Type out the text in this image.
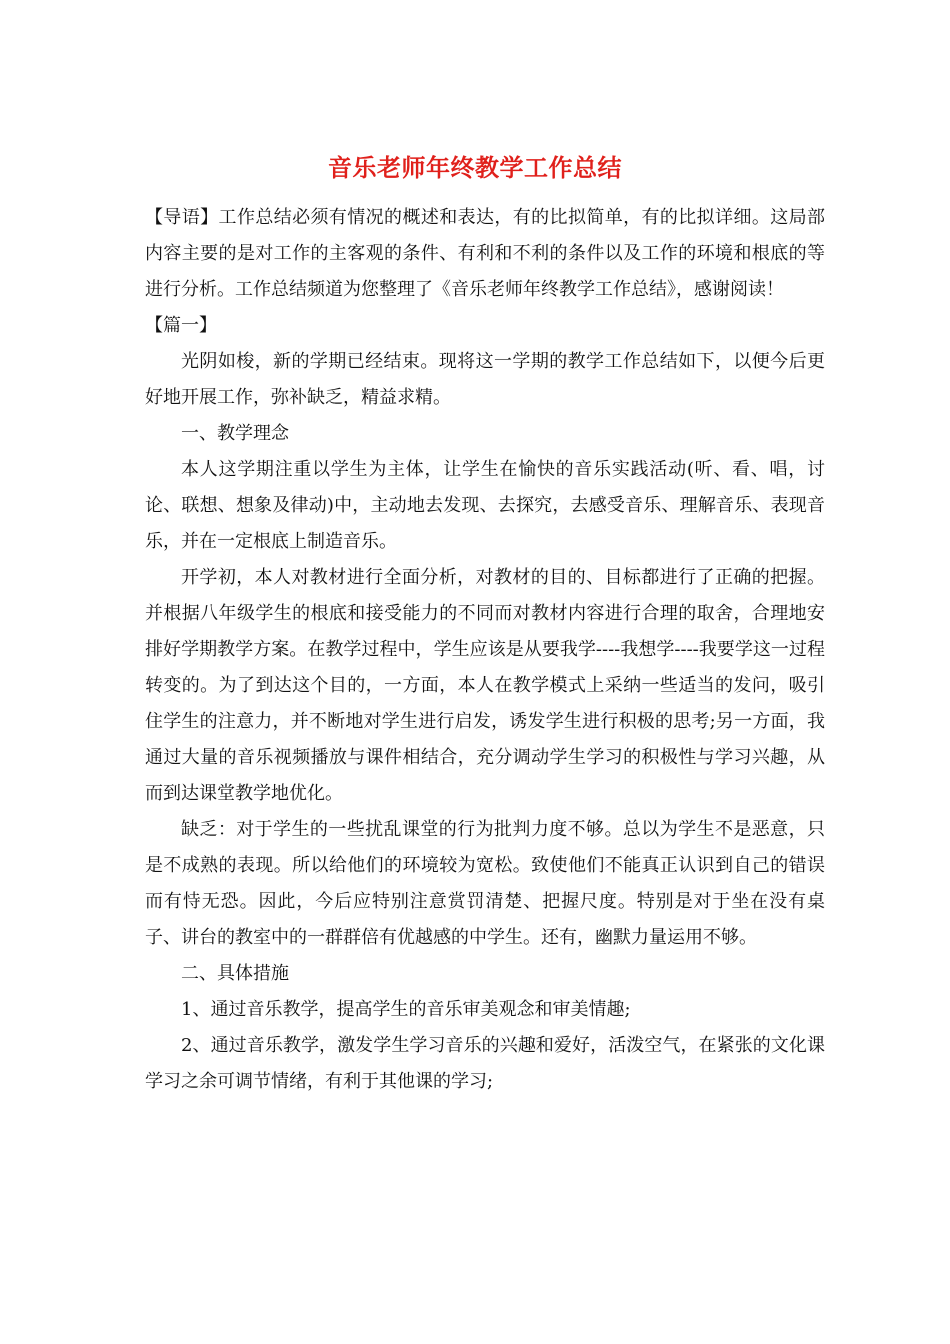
音乐老师年终教学工作总结

【导语】工作总结必须有情况的概述和表达，有的比拟简单，有的比拟详细。这局部内容主要的是对工作的主客观的条件、有利和不利的条件以及工作的环境和根底的等进行分析。工作总结频道为您整理了《音乐老师年终教学工作总结》，感谢阅读！

【篇一】

光阴如梭，新的学期已经结束。现将这一学期的教学工作总结如下，以便今后更好地开展工作，弥补缺乏，精益求精。

一、教学理念

本人这学期注重以学生为主体，让学生在愉快的音乐实践活动(听、看、唱，讨论、联想、想象及律动)中，主动地去发现、去探究，去感受音乐、理解音乐、表现音乐，并在一定根底上制造音乐。

开学初，本人对教材进行全面分析，对教材的目的、目标都进行了正确的把握。并根据八年级学生的根底和接受能力的不同而对教材内容进行合理的取舍，合理地安排好学期教学方案。在教学过程中，学生应该是从要我学----我想学----我要学这一过程转变的。为了到达这个目的，一方面，本人在教学模式上采纳一些适当的发问，吸引住学生的注意力，并不断地对学生进行启发，诱发学生进行积极的思考;另一方面，我通过大量的音乐视频播放与课件相结合，充分调动学生学习的积极性与学习兴趣，从而到达课堂教学地优化。

缺乏：对于学生的一些扰乱课堂的行为批判力度不够。总以为学生不是恶意，只是不成熟的表现。所以给他们的环境较为宽松。致使他们不能真正认识到自己的错误而有恃无恐。因此，今后应特别注意赏罚清楚、把握尺度。特别是对于坐在没有桌子、讲台的教室中的一群群倍有优越感的中学生。还有，幽默力量运用不够。

二、具体措施

1、通过音乐教学，提高学生的音乐审美观念和审美情趣;

2、通过音乐教学，激发学生学习音乐的兴趣和爱好，活泼空气，在紧张的文化课学习之余可调节情绪，有利于其他课的学习;
